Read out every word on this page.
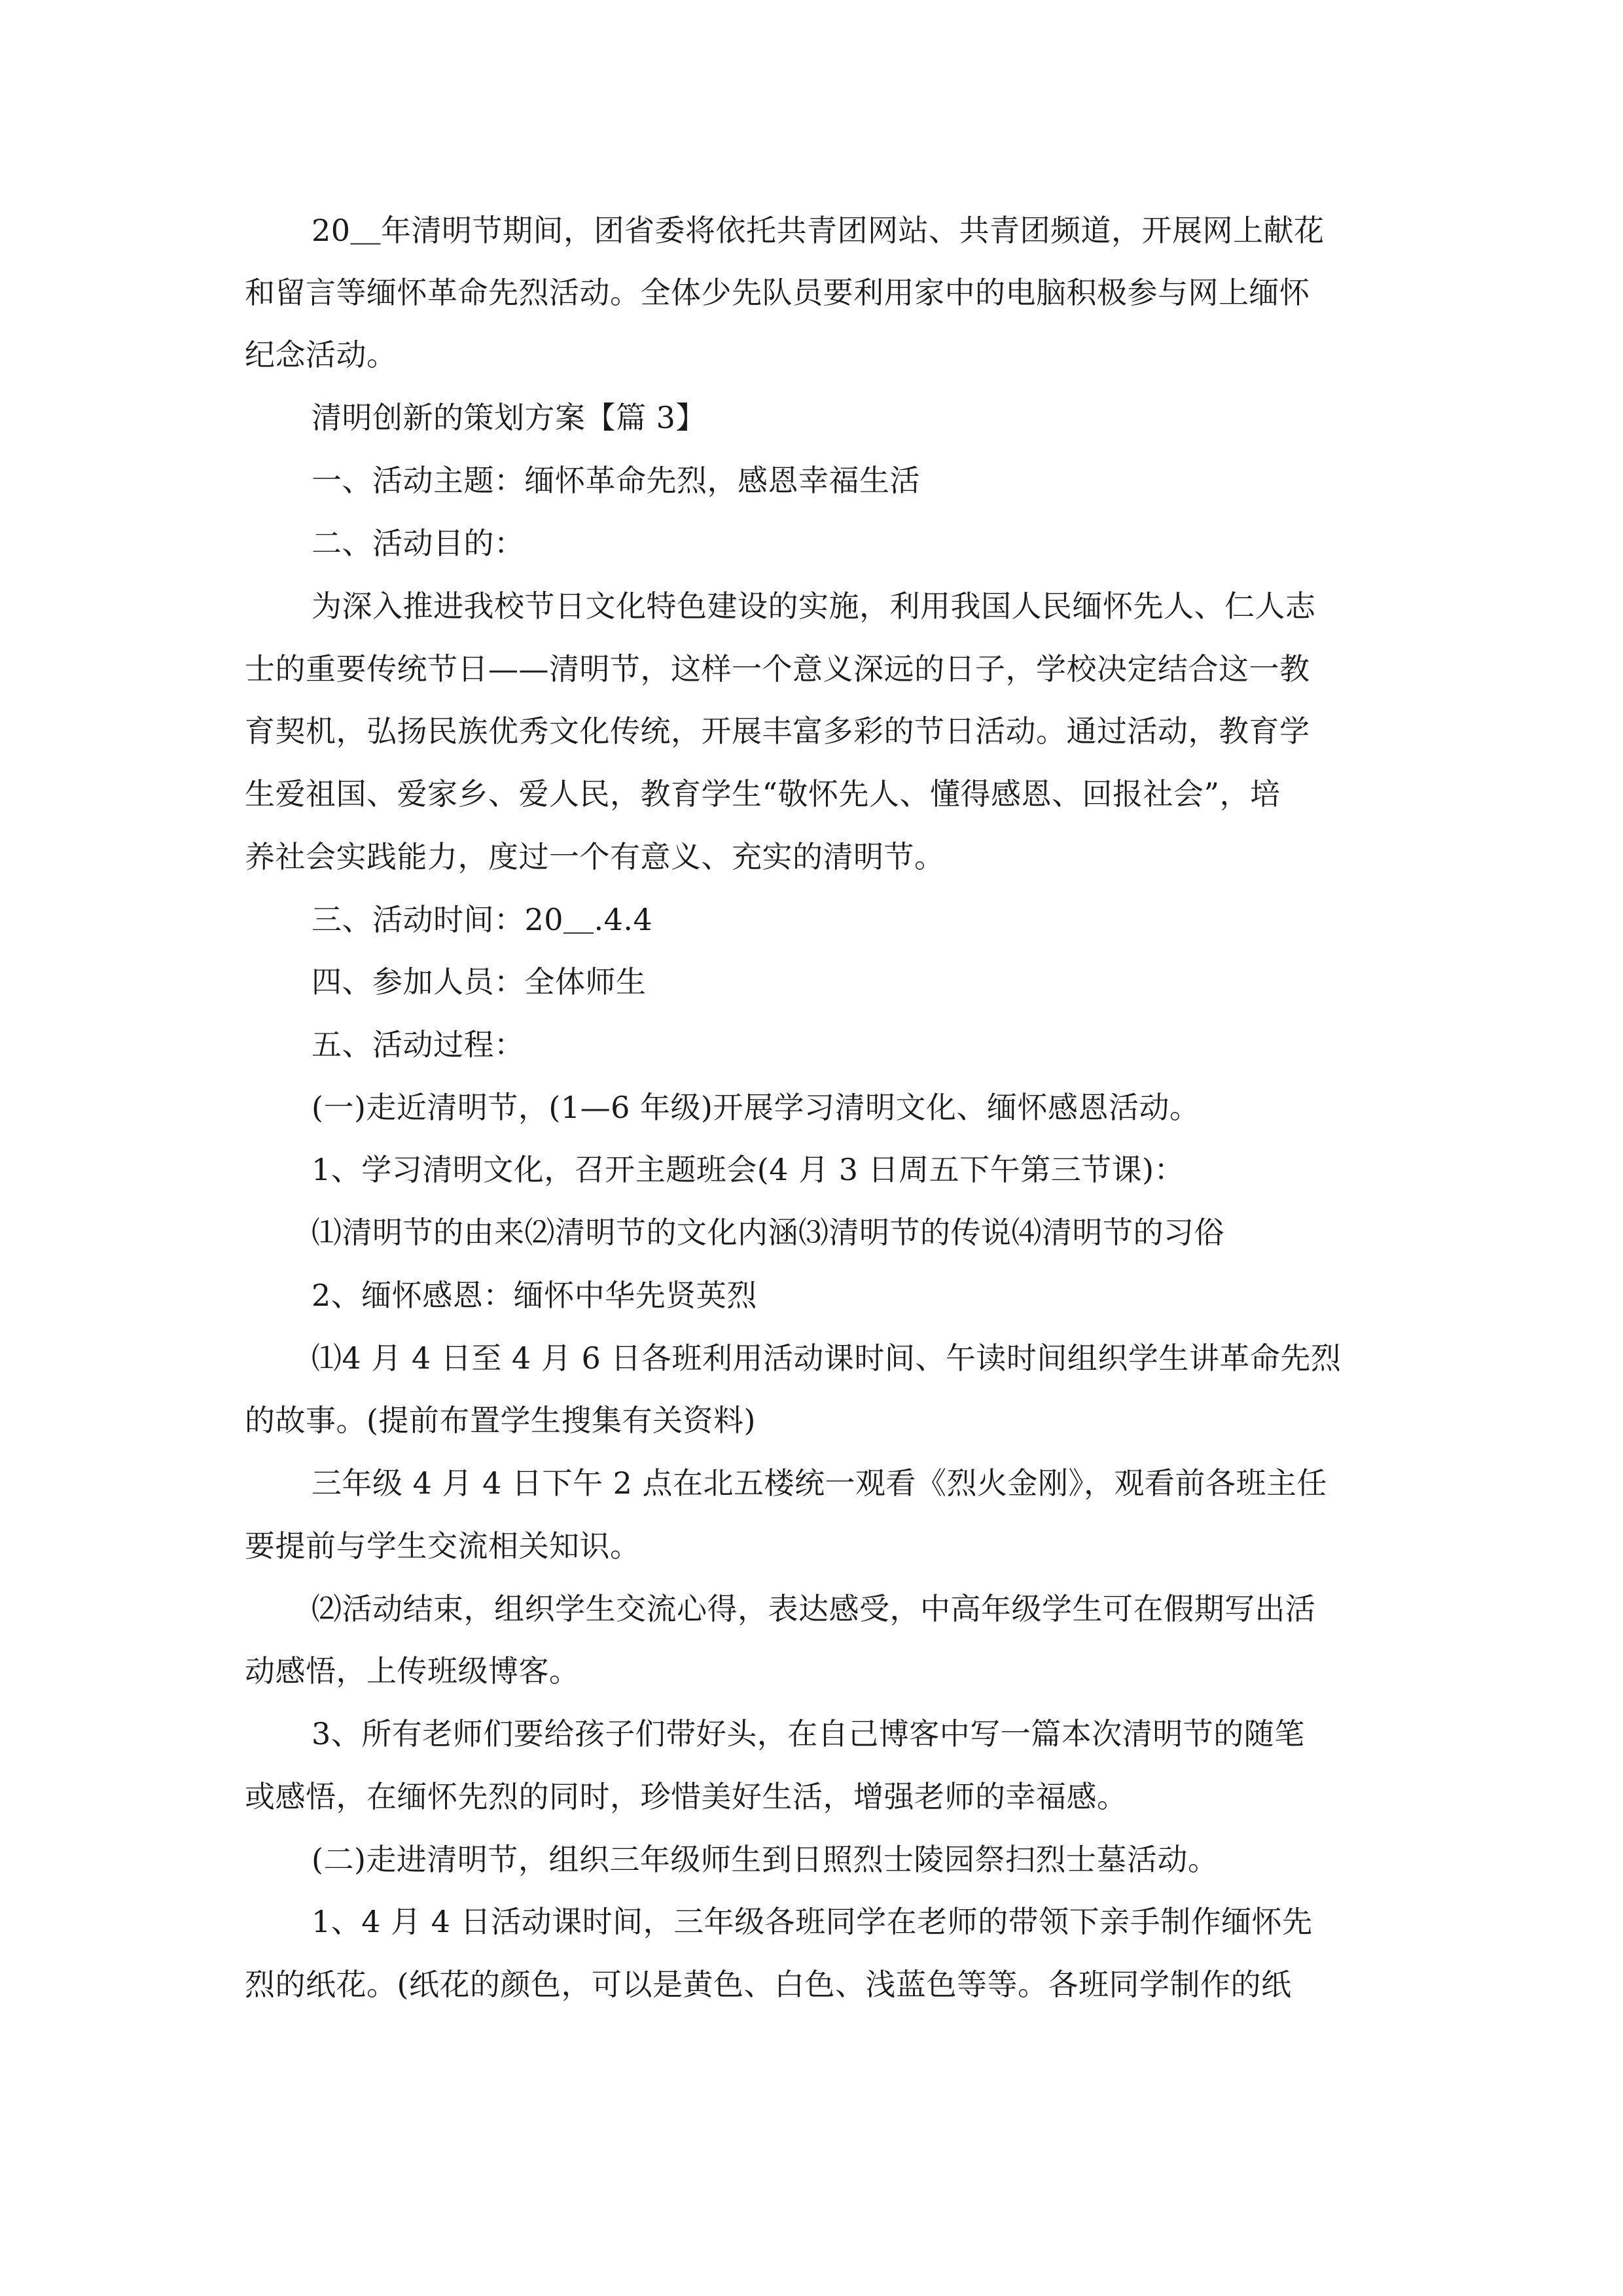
20＿年清明节期间，团省委将依托共青团网站、共青团频道，开展网上献花
和留言等缅怀革命先烈活动。全体少先队员要利用家中的电脑积极参与网上缅怀
纪念活动。
清明创新的策划方案【篇 3】
一、活动主题：缅怀革命先烈，感恩幸福生活
二、活动目的：
为深入推进我校节日文化特色建设的实施，利用我国人民缅怀先人、仁人志
士的重要传统节日——清明节，这样一个意义深远的日子，学校决定结合这一教
育契机，弘扬民族优秀文化传统，开展丰富多彩的节日活动。通过活动，教育学
生爱祖国、爱家乡、爱人民，教育学生“敬怀先人、懂得感恩、回报社会”，培
养社会实践能力，度过一个有意义、充实的清明节。
三、活动时间：20＿.4.4
四、参加人员：全体师生
五、活动过程：
(一)走近清明节，(1—6 年级)开展学习清明文化、缅怀感恩活动。
1、学习清明文化，召开主题班会(4 月 3 日周五下午第三节课)：
⑴清明节的由来⑵清明节的文化内涵⑶清明节的传说⑷清明节的习俗
2、缅怀感恩：缅怀中华先贤英烈
⑴4 月 4 日至 4 月 6 日各班利用活动课时间、午读时间组织学生讲革命先烈
的故事。(提前布置学生搜集有关资料)
三年级 4 月 4 日下午 2 点在北五楼统一观看《烈火金刚》，观看前各班主任
要提前与学生交流相关知识。
⑵活动结束，组织学生交流心得，表达感受，中高年级学生可在假期写出活
动感悟，上传班级博客。
3、所有老师们要给孩子们带好头，在自己博客中写一篇本次清明节的随笔
或感悟，在缅怀先烈的同时，珍惜美好生活，增强老师的幸福感。
(二)走进清明节，组织三年级师生到日照烈士陵园祭扫烈士墓活动。
1、4 月 4 日活动课时间，三年级各班同学在老师的带领下亲手制作缅怀先
烈的纸花。(纸花的颜色，可以是黄色、白色、浅蓝色等等。各班同学制作的纸
